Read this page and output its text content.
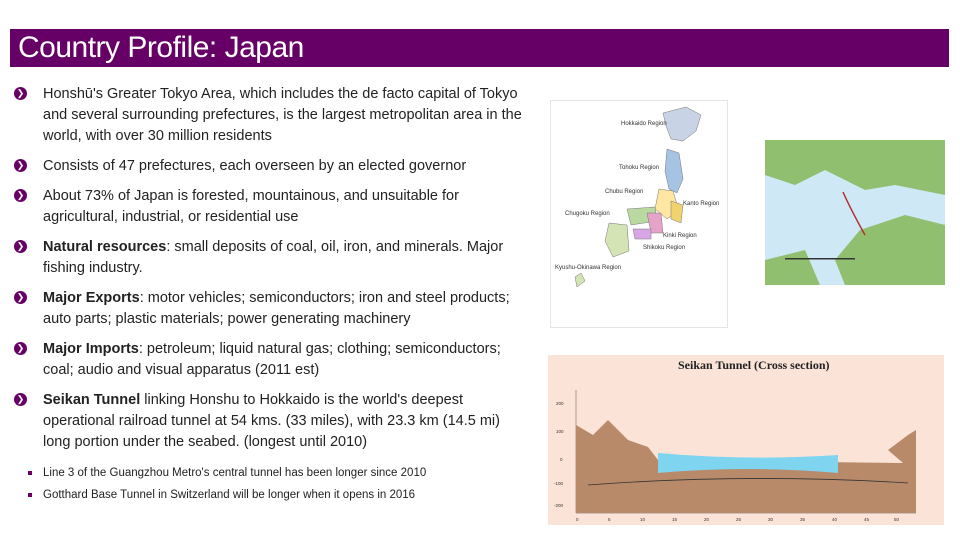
Country Profile: Japan
❯ Honshū's Greater Tokyo Area, which includes the de facto capital of Tokyo and several surrounding prefectures, is the largest metropolitan area in the world, with over 30 million residents
❯ Consists of 47 prefectures, each overseen by an elected governor
❯ About 73% of Japan is forested, mountainous, and unsuitable for agricultural, industrial, or residential use
❯ Natural resources: small deposits of coal, oil, iron, and minerals. Major fishing industry.
❯ Major Exports: motor vehicles; semiconductors; iron and steel products; auto parts; plastic materials; power generating machinery
❯ Major Imports: petroleum; liquid natural gas; clothing; semiconductors; coal; audio and visual apparatus (2011 est)
❯ Seikan Tunnel linking Honshu to Hokkaido is the world's deepest operational railroad tunnel at 54 kms. (33 miles), with 23.3 km (14.5 mi) long portion under the seabed. (longest until 2010)
Line 3 of the Guangzhou Metro's central tunnel has been longer since 2010
Gotthard Base Tunnel in Switzerland will be longer when it opens in 2016
Hokkaido Region
Tohoku Region
Chubu Region
Kanto Region
Chugoku Region
Kinki Region
Shikoku Region
Kyushu-Okinawa Region
Seikan Tunnel (Cross section)
200
100
0
-100
-200
0	5	10	15	20	25	30	35	40	45	50
